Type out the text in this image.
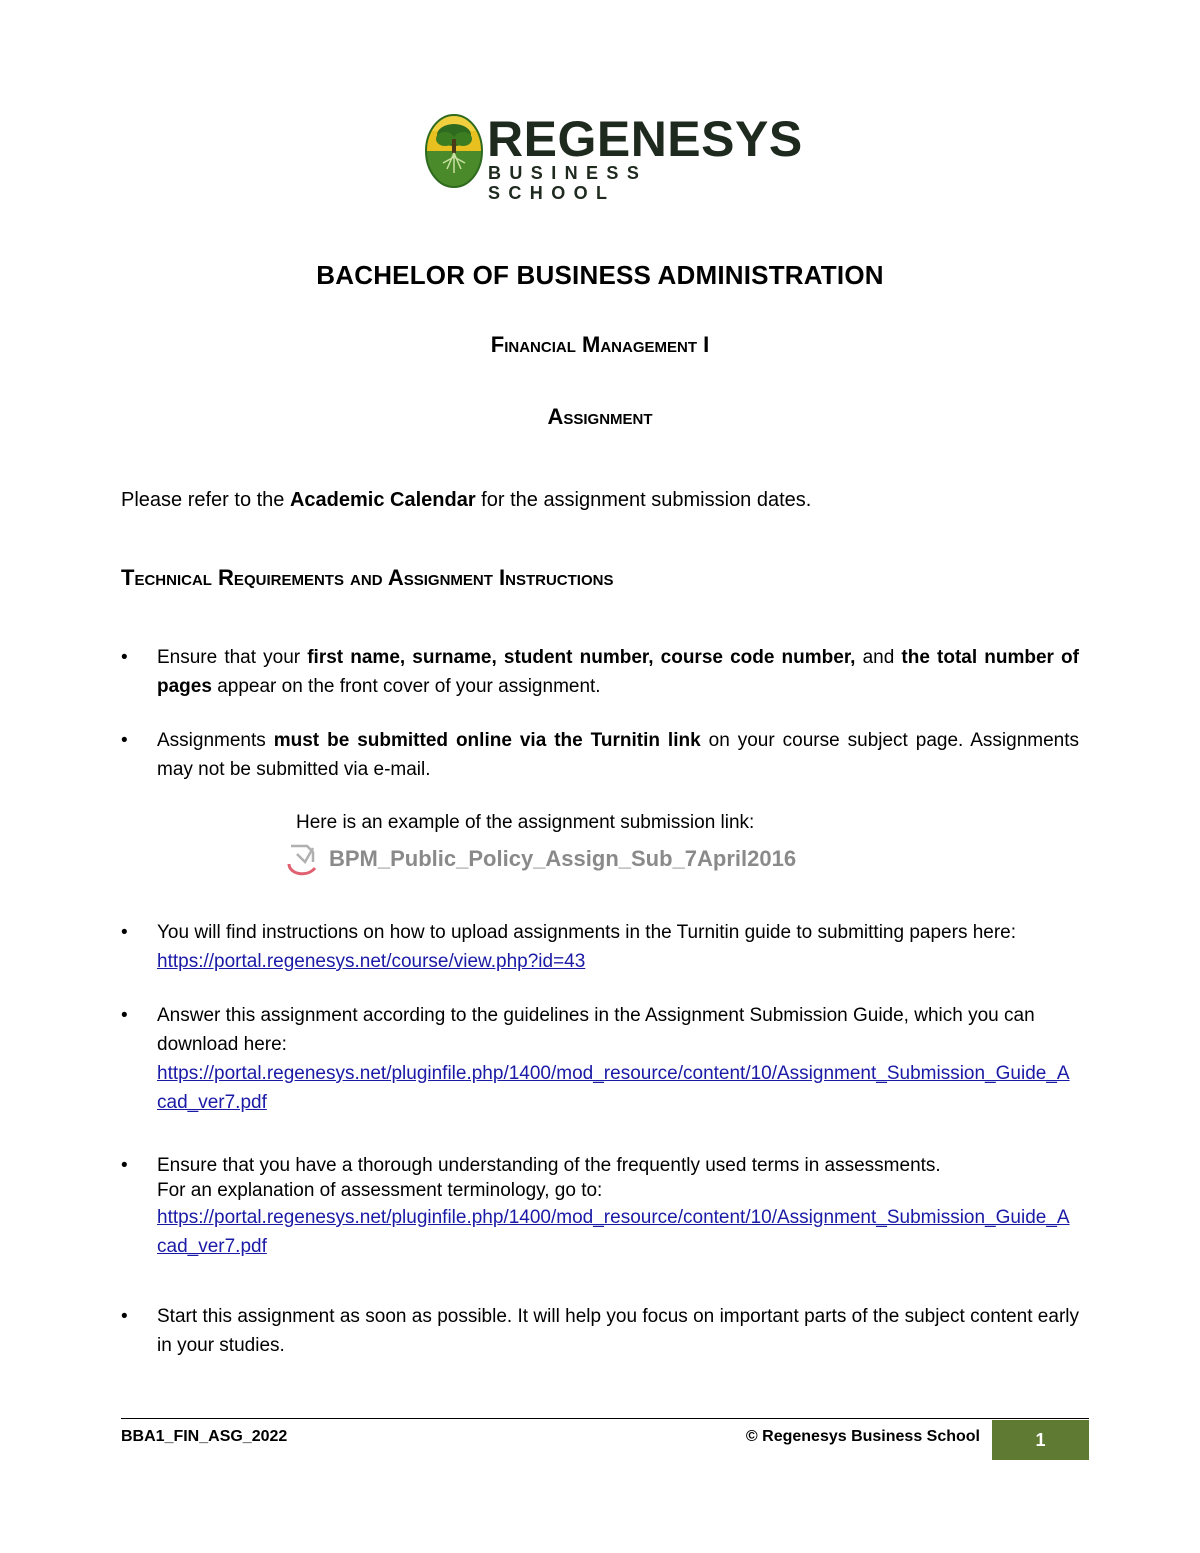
REGENESYS
BUSINESS SCHOOL
BACHELOR OF BUSINESS ADMINISTRATION
Financial Management I
Assignment
Please refer to the Academic Calendar for the assignment submission dates.
Technical Requirements and Assignment Instructions
•	Ensure that your first name, surname, student number, course code number, and the total number of pages appear on the front cover of your assignment.
•	Assignments must be submitted online via the Turnitin link on your course subject page. Assignments may not be submitted via e-mail.
Here is an example of the assignment submission link:
BPM_Public_Policy_Assign_Sub_7April2016
•	You will find instructions on how to upload assignments in the Turnitin guide to submitting papers here: https://portal.regenesys.net/course/view.php?id=43
•	Answer this assignment according to the guidelines in the Assignment Submission Guide, which you can download here:
https://portal.regenesys.net/pluginfile.php/1400/mod_resource/content/10/Assignment_Submission_Guide_Acad_ver7.pdf
•	Ensure that you have a thorough understanding of the frequently used terms in assessments.
For an explanation of assessment terminology, go to:
https://portal.regenesys.net/pluginfile.php/1400/mod_resource/content/10/Assignment_Submission_Guide_Acad_ver7.pdf
•	Start this assignment as soon as possible. It will help you focus on important parts of the subject content early in your studies.
BBA1_FIN_ASG_2022	© Regenesys Business School	1
